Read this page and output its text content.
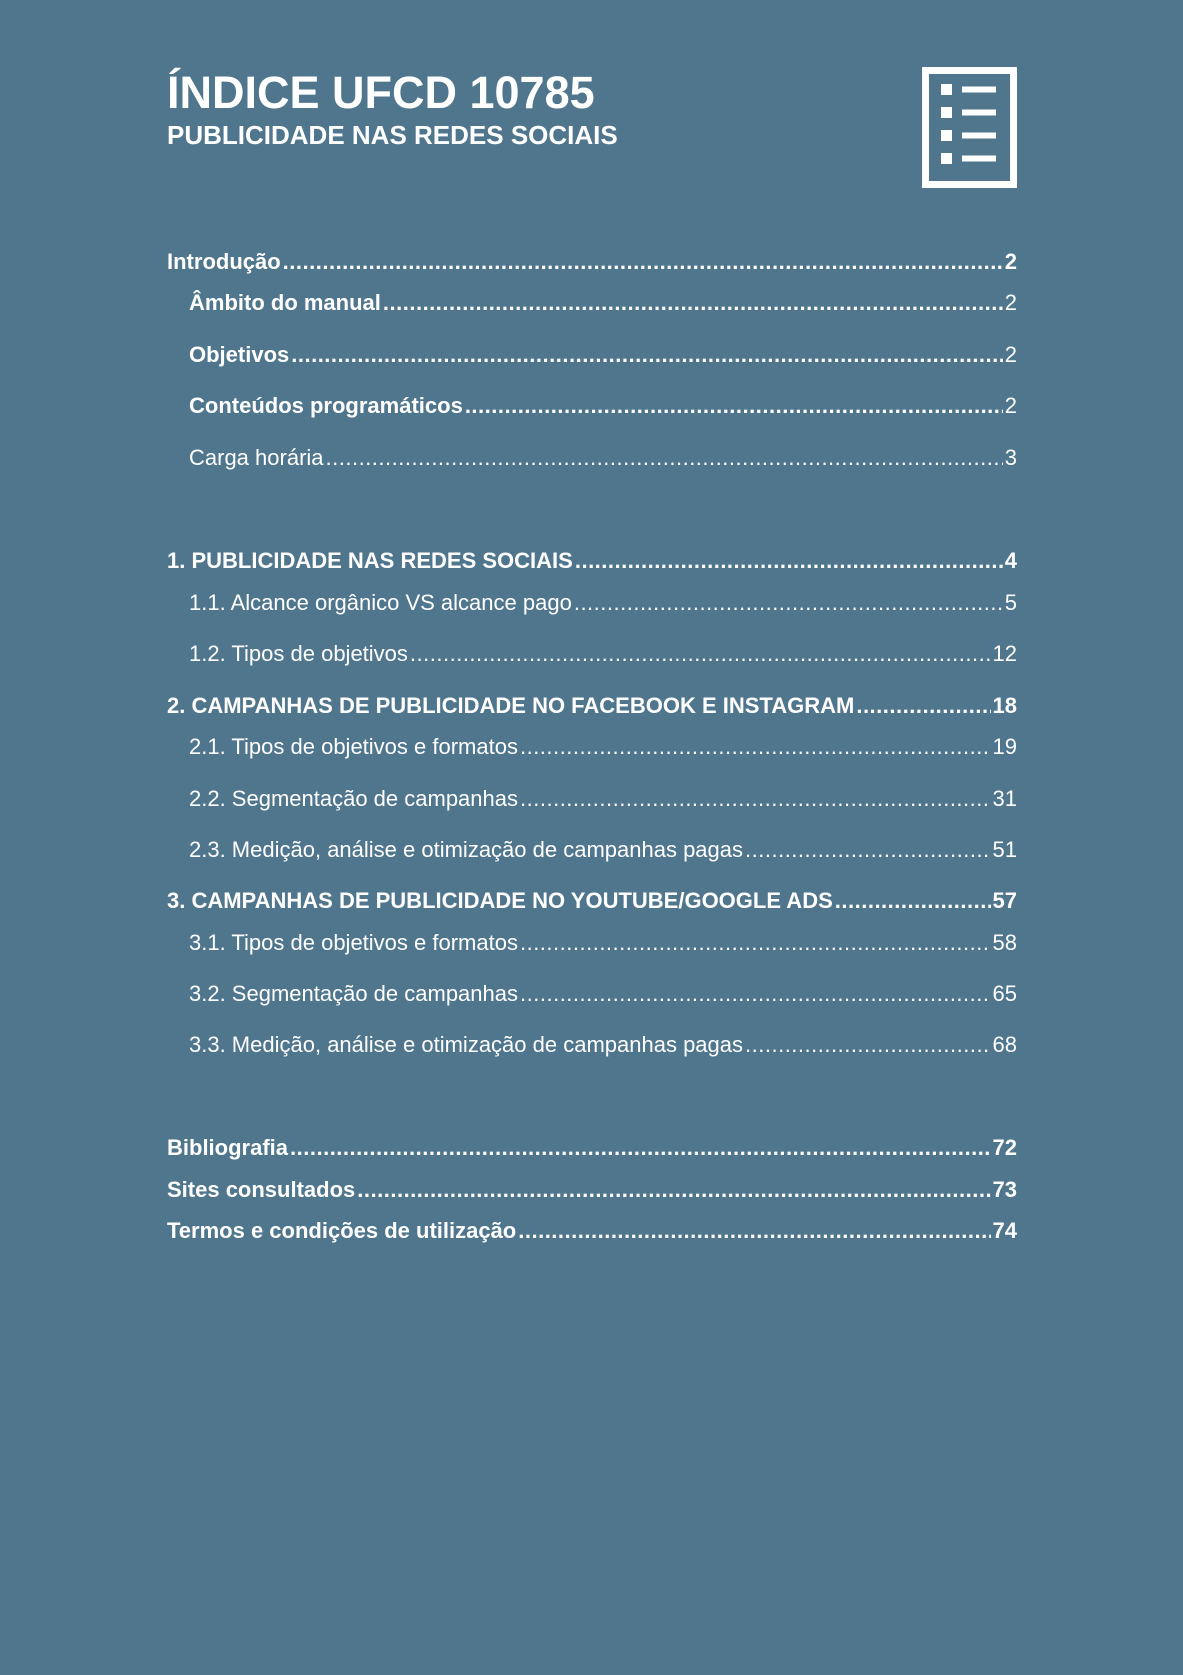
ÍNDICE UFCD 10785
PUBLICIDADE NAS REDES SOCIAIS
Introdução .....	2
Âmbito do manual .....	2
Objetivos .....	2
Conteúdos programáticos .....	2
Carga horária .....	3
1. PUBLICIDADE NAS REDES SOCIAIS .....	4
1.1. Alcance orgânico VS alcance pago .....	5
1.2. Tipos de objetivos .....	12
2. CAMPANHAS DE PUBLICIDADE NO FACEBOOK E INSTAGRAM .....	18
2.1. Tipos de objetivos e formatos .....	19
2.2. Segmentação de campanhas .....	31
2.3. Medição, análise e otimização de campanhas pagas .....	51
3. CAMPANHAS DE PUBLICIDADE NO YOUTUBE/GOOGLE ADS .....	57
3.1. Tipos de objetivos e formatos .....	58
3.2. Segmentação de campanhas .....	65
3.3. Medição, análise e otimização de campanhas pagas .....	68
Bibliografia .....	72
Sites consultados .....	73
Termos e condições de utilização .....	74
